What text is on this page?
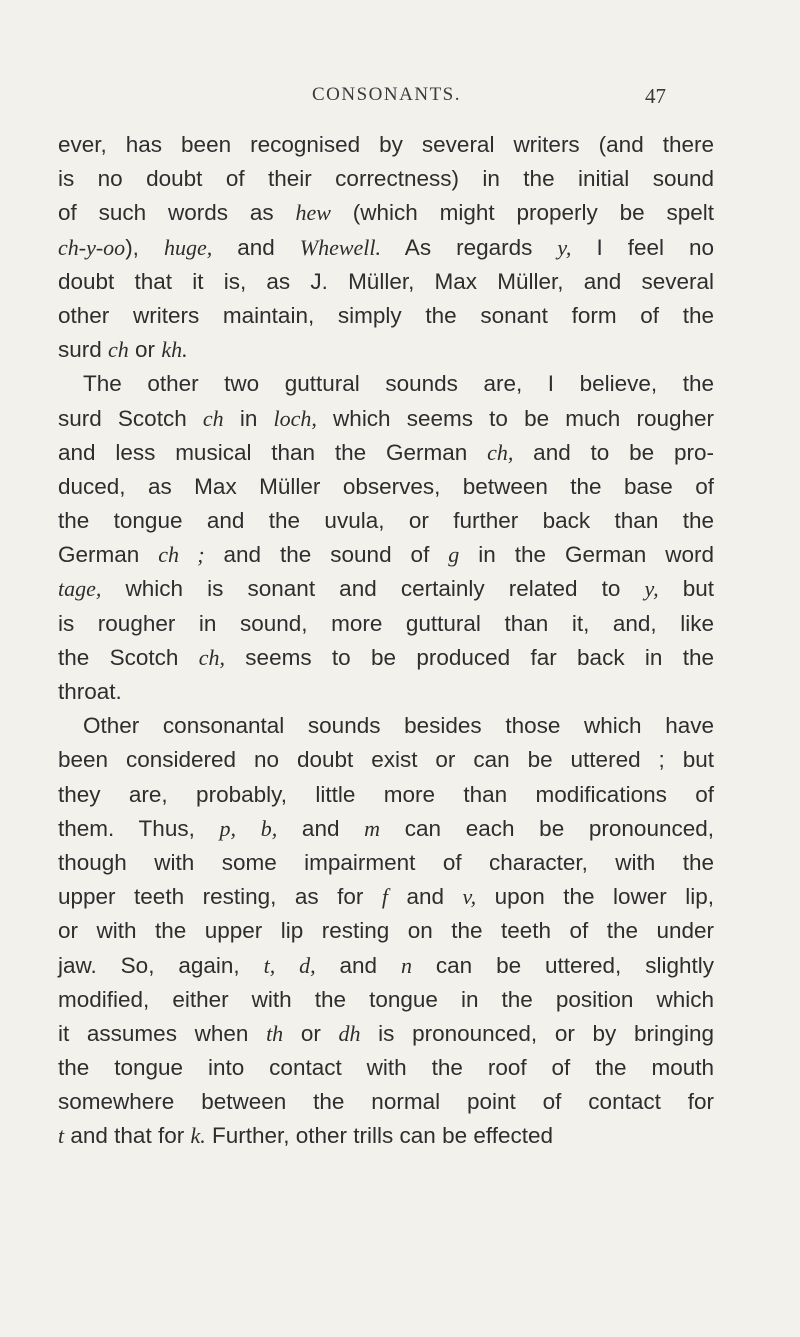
CONSONANTS.	47
ever, has been recognised by several writers (and there
is no doubt of their correctness) in the initial sound
of such words as hew (which might properly be spelt
ch-y-oo), huge, and Whewell. As regards y, I feel no
doubt that it is, as J. Müller, Max Müller, and several
other writers maintain, simply the sonant form of the
surd ch or kh.
The other two guttural sounds are, I believe, the
surd Scotch ch in loch, which seems to be much rougher
and less musical than the German ch, and to be pro-
duced, as Max Müller observes, between the base of
the tongue and the uvula, or further back than the
German ch ; and the sound of g in the German word
tage, which is sonant and certainly related to y, but
is rougher in sound, more guttural than it, and, like
the Scotch ch, seems to be produced far back in the
throat.
Other consonantal sounds besides those which have
been considered no doubt exist or can be uttered ; but
they are, probably, little more than modifications of
them. Thus, p, b, and m can each be pronounced,
though with some impairment of character, with the
upper teeth resting, as for f and v, upon the lower lip,
or with the upper lip resting on the teeth of the under
jaw. So, again, t, d, and n can be uttered, slightly
modified, either with the tongue in the position which
it assumes when th or dh is pronounced, or by bringing
the tongue into contact with the roof of the mouth
somewhere between the normal point of contact for
t and that for k. Further, other trills can be effected
